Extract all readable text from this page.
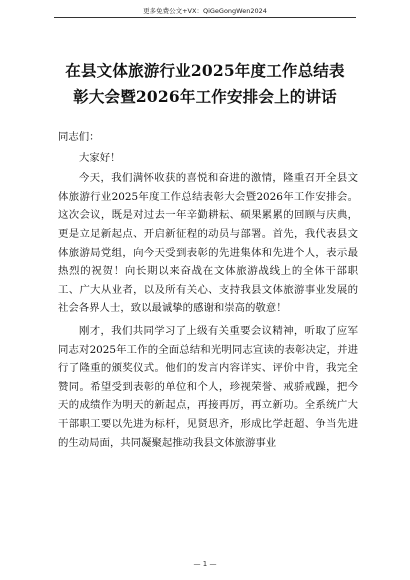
更多免费公文+VX：QiGeGongWen2024
在县文体旅游行业2025年度工作总结表
彰大会暨2026年工作安排会上的讲话

同志们：

大家好！

今天，我们满怀收获的喜悦和奋进的激情，隆重召开全县文体旅游行业2025年度工作总结表彰大会暨2026年工作安排会。这次会议，既是对过去一年辛勤耕耘、硕果累累的回顾与庆典，更是立足新起点、开启新征程的动员与部署。首先，我代表县文体旅游局党组，向今天受到表彰的先进集体和先进个人，表示最热烈的祝贺！向长期以来奋战在文体旅游战线上的全体干部职工、广大从业者，以及所有关心、支持我县文体旅游事业发展的社会各界人士，致以最诚挚的感谢和崇高的敬意！

刚才，我们共同学习了上级有关重要会议精神，听取了应军同志对2025年工作的全面总结和光明同志宣读的表彰决定，并进行了隆重的颁奖仪式。他们的发言内容详实、评价中肯，我完全赞同。希望受到表彰的单位和个人，珍视荣誉、戒骄戒躁，把今天的成绩作为明天的新起点，再接再厉，再立新功。全系统广大干部职工要以先进为标杆，见贤思齐，形成比学赶超、争当先进的生动局面，共同凝聚起推动我县文体旅游事业

— 1 —
